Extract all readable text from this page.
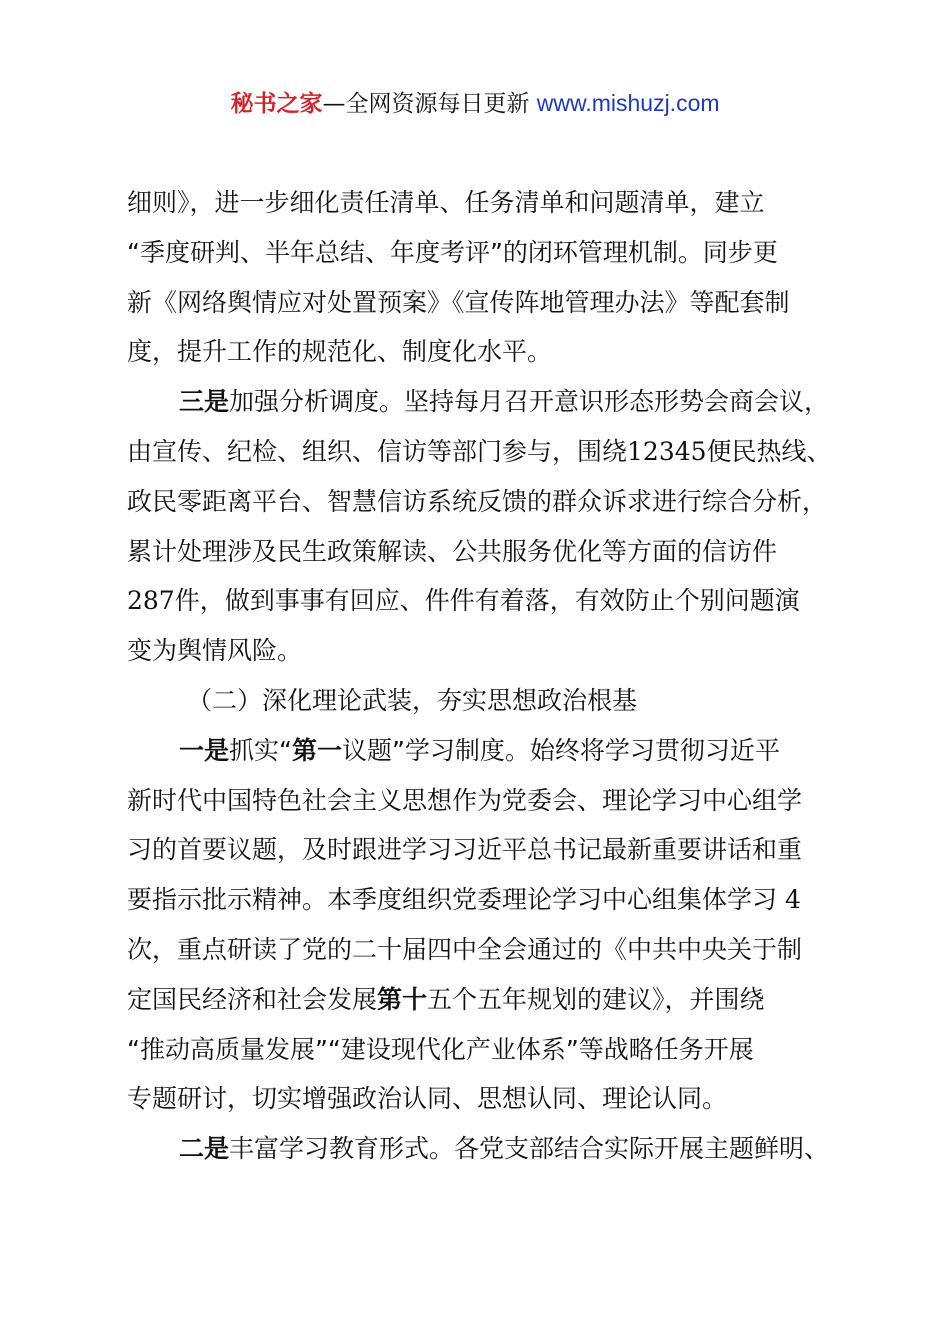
秘书之家—全网资源每日更新 www.mishuzj.com
细则》，进一步细化责任清单、任务清单和问题清单，建立
“季度研判、半年总结、年度考评”的闭环管理机制。同步更
新《网络舆情应对处置预案》《宣传阵地管理办法》等配套制
度，提升工作的规范化、制度化水平。
三是加强分析调度。坚持每月召开意识形态形势会商会议，
由宣传、纪检、组织、信访等部门参与，围绕12345便民热线、
政民零距离平台、智慧信访系统反馈的群众诉求进行综合分析，
累计处理涉及民生政策解读、公共服务优化等方面的信访件
287件，做到事事有回应、件件有着落，有效防止个别问题演
变为舆情风险。
（二）深化理论武装，夯实思想政治根基
一是抓实“第一议题”学习制度。始终将学习贯彻习近平
新时代中国特色社会主义思想作为党委会、理论学习中心组学
习的首要议题，及时跟进学习习近平总书记最新重要讲话和重
要指示批示精神。本季度组织党委理论学习中心组集体学习 4
次，重点研读了党的二十届四中全会通过的《中共中央关于制
定国民经济和社会发展第十五个五年规划的建议》，并围绕
“推动高质量发展”“建设现代化产业体系”等战略任务开展
专题研讨，切实增强政治认同、思想认同、理论认同。
二是丰富学习教育形式。各党支部结合实际开展主题鲜明、
